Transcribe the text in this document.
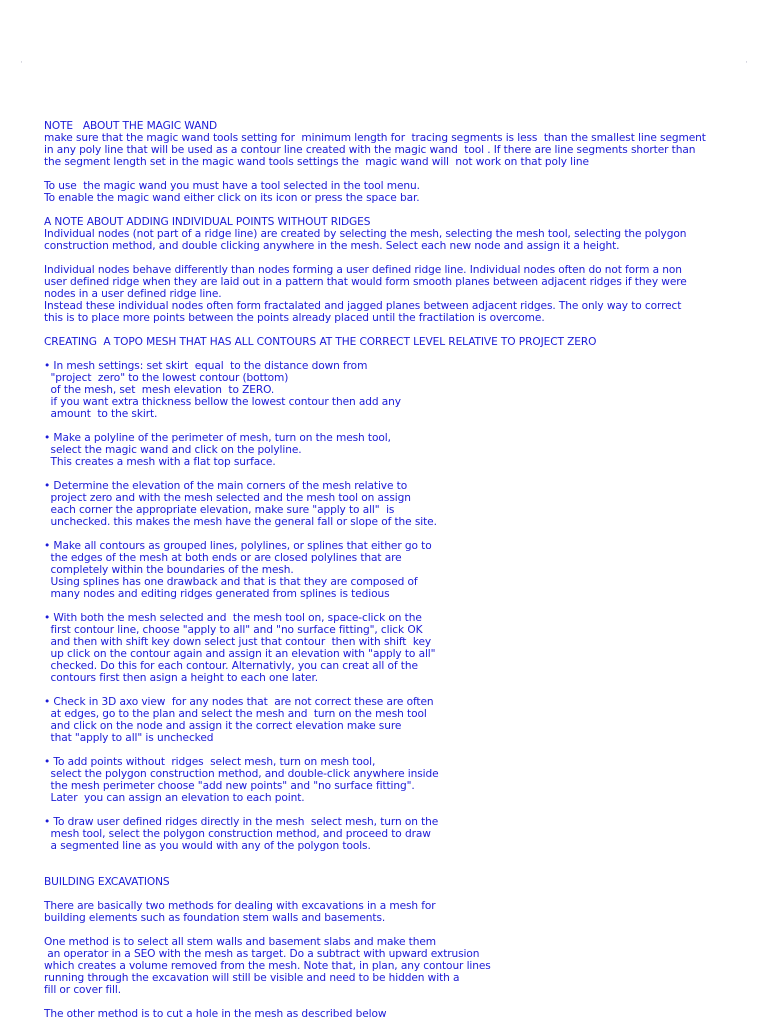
·	·
NOTE   ABOUT THE MAGIC WAND
make sure that the magic wand tools setting for  minimum length for  tracing segments is less  than the smallest line segment
in any poly line that will be used as a contour line created with the magic wand  tool . If there are line segments shorter than
the segment length set in the magic wand tools settings the  magic wand will  not work on that poly line
To use  the magic wand you must have a tool selected in the tool menu.
To enable the magic wand either click on its icon or press the space bar.
A NOTE ABOUT ADDING INDIVIDUAL POINTS WITHOUT RIDGES
Individual nodes (not part of a ridge line) are created by selecting the mesh, selecting the mesh tool, selecting the polygon
construction method, and double clicking anywhere in the mesh. Select each new node and assign it a height.
Individual nodes behave differently than nodes forming a user defined ridge line. Individual nodes often do not form a non
user defined ridge when they are laid out in a pattern that would form smooth planes between adjacent ridges if they were
nodes in a user defined ridge line.
Instead these individual nodes often form fractalated and jagged planes between adjacent ridges. The only way to correct
this is to place more points between the points already placed until the fractilation is overcome.
CREATING  A TOPO MESH THAT HAS ALL CONTOURS AT THE CORRECT LEVEL RELATIVE TO PROJECT ZERO
• In mesh settings: set skirt  equal  to the distance down from
"project  zero" to the lowest contour (bottom)
of the mesh, set  mesh elevation  to ZERO.
if you want extra thickness bellow the lowest contour then add any
amount  to the skirt.
• Make a polyline of the perimeter of mesh, turn on the mesh tool,
select the magic wand and click on the polyline.
This creates a mesh with a flat top surface.
• Determine the elevation of the main corners of the mesh relative to
project zero and with the mesh selected and the mesh tool on assign
each corner the appropriate elevation, make sure "apply to all"  is
unchecked. this makes the mesh have the general fall or slope of the site.
• Make all contours as grouped lines, polylines, or splines that either go to
the edges of the mesh at both ends or are closed polylines that are
completely within the boundaries of the mesh.
Using splines has one drawback and that is that they are composed of
many nodes and editing ridges generated from splines is tedious
• With both the mesh selected and  the mesh tool on, space-click on the
first contour line, choose "apply to all" and "no surface fitting", click OK
and then with shift key down select just that contour  then with shift  key
up click on the contour again and assign it an elevation with "apply to all"
checked. Do this for each contour. Alternativly, you can creat all of the
contours first then asign a height to each one later.
• Check in 3D axo view  for any nodes that  are not correct these are often
at edges, go to the plan and select the mesh and  turn on the mesh tool
and click on the node and assign it the correct elevation make sure
that "apply to all" is unchecked
• To add points without  ridges  select mesh, turn on mesh tool,
select the polygon construction method, and double-click anywhere inside
the mesh perimeter choose "add new points" and "no surface fitting".
Later  you can assign an elevation to each point.
• To draw user defined ridges directly in the mesh  select mesh, turn on the
mesh tool, select the polygon construction method, and proceed to draw
a segmented line as you would with any of the polygon tools.
BUILDING EXCAVATIONS
There are basically two methods for dealing with excavations in a mesh for
building elements such as foundation stem walls and basements.
One method is to select all stem walls and basement slabs and make them
an operator in a SEO with the mesh as target. Do a subtract with upward extrusion
which creates a volume removed from the mesh. Note that, in plan, any contour lines
running through the excavation will still be visible and need to be hidden with a
fill or cover fill.
The other method is to cut a hole in the mesh as described below
